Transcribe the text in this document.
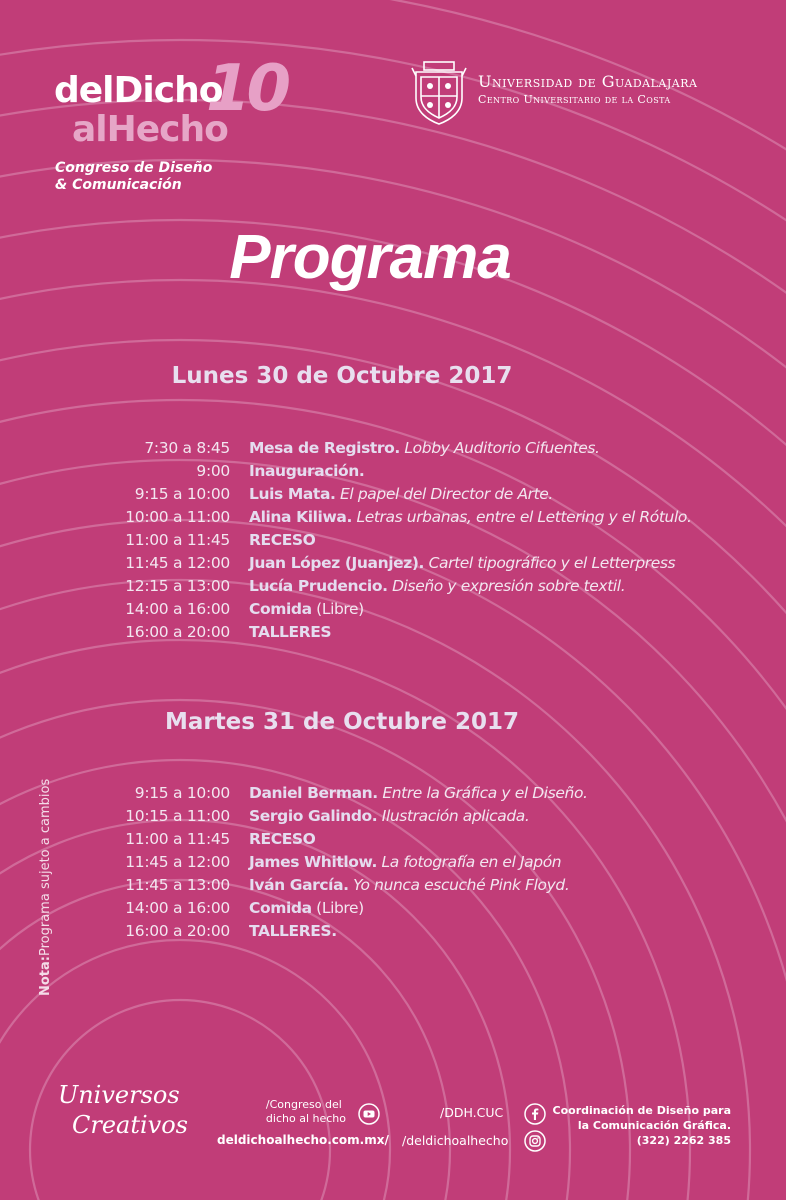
delDicho
alHecho
10
Congreso de Diseño
& Comunicación
Universidad de Guadalajara
Centro Universitario de la Costa
Programa
Lunes 30 de Octubre 2017
7:30 a 8:45	Mesa de Registro. Lobby Auditorio Cifuentes.
9:00	Inauguración.
9:15 a 10:00	Luis Mata. El papel del Director de Arte.
10:00 a 11:00	Alina Kiliwa. Letras urbanas, entre el Lettering y el Rótulo.
11:00 a 11:45	RECESO
11:45 a 12:00	Juan López (Juanjez). Cartel tipográfico y el Letterpress
12:15 a 13:00	Lucía Prudencio. Diseño y expresión sobre textil.
14:00 a 16:00	Comida (Libre)
16:00 a 20:00	TALLERES
Martes 31 de Octubre 2017
9:15 a 10:00	Daniel Berman. Entre la Gráfica y el Diseño.
10:15 a 11:00	Sergio Galindo. Ilustración aplicada.
11:00 a 11:45	RECESO
11:45 a 12:00	James Whitlow. La fotografía en el Japón
11:45 a 13:00	Iván García. Yo nunca escuché Pink Floyd.
14:00 a 16:00	Comida (Libre)
16:00 a 20:00	TALLERES.
Nota:Programa sujeto a cambios
Universos
Creativos
/Congreso del
dicho al hecho
deldichoalhecho.com.mx/
/DDH.CUC
/deldichoalhecho
Coordinación de Diseño para
la Comunicación Gráfica.
(322) 2262 385
